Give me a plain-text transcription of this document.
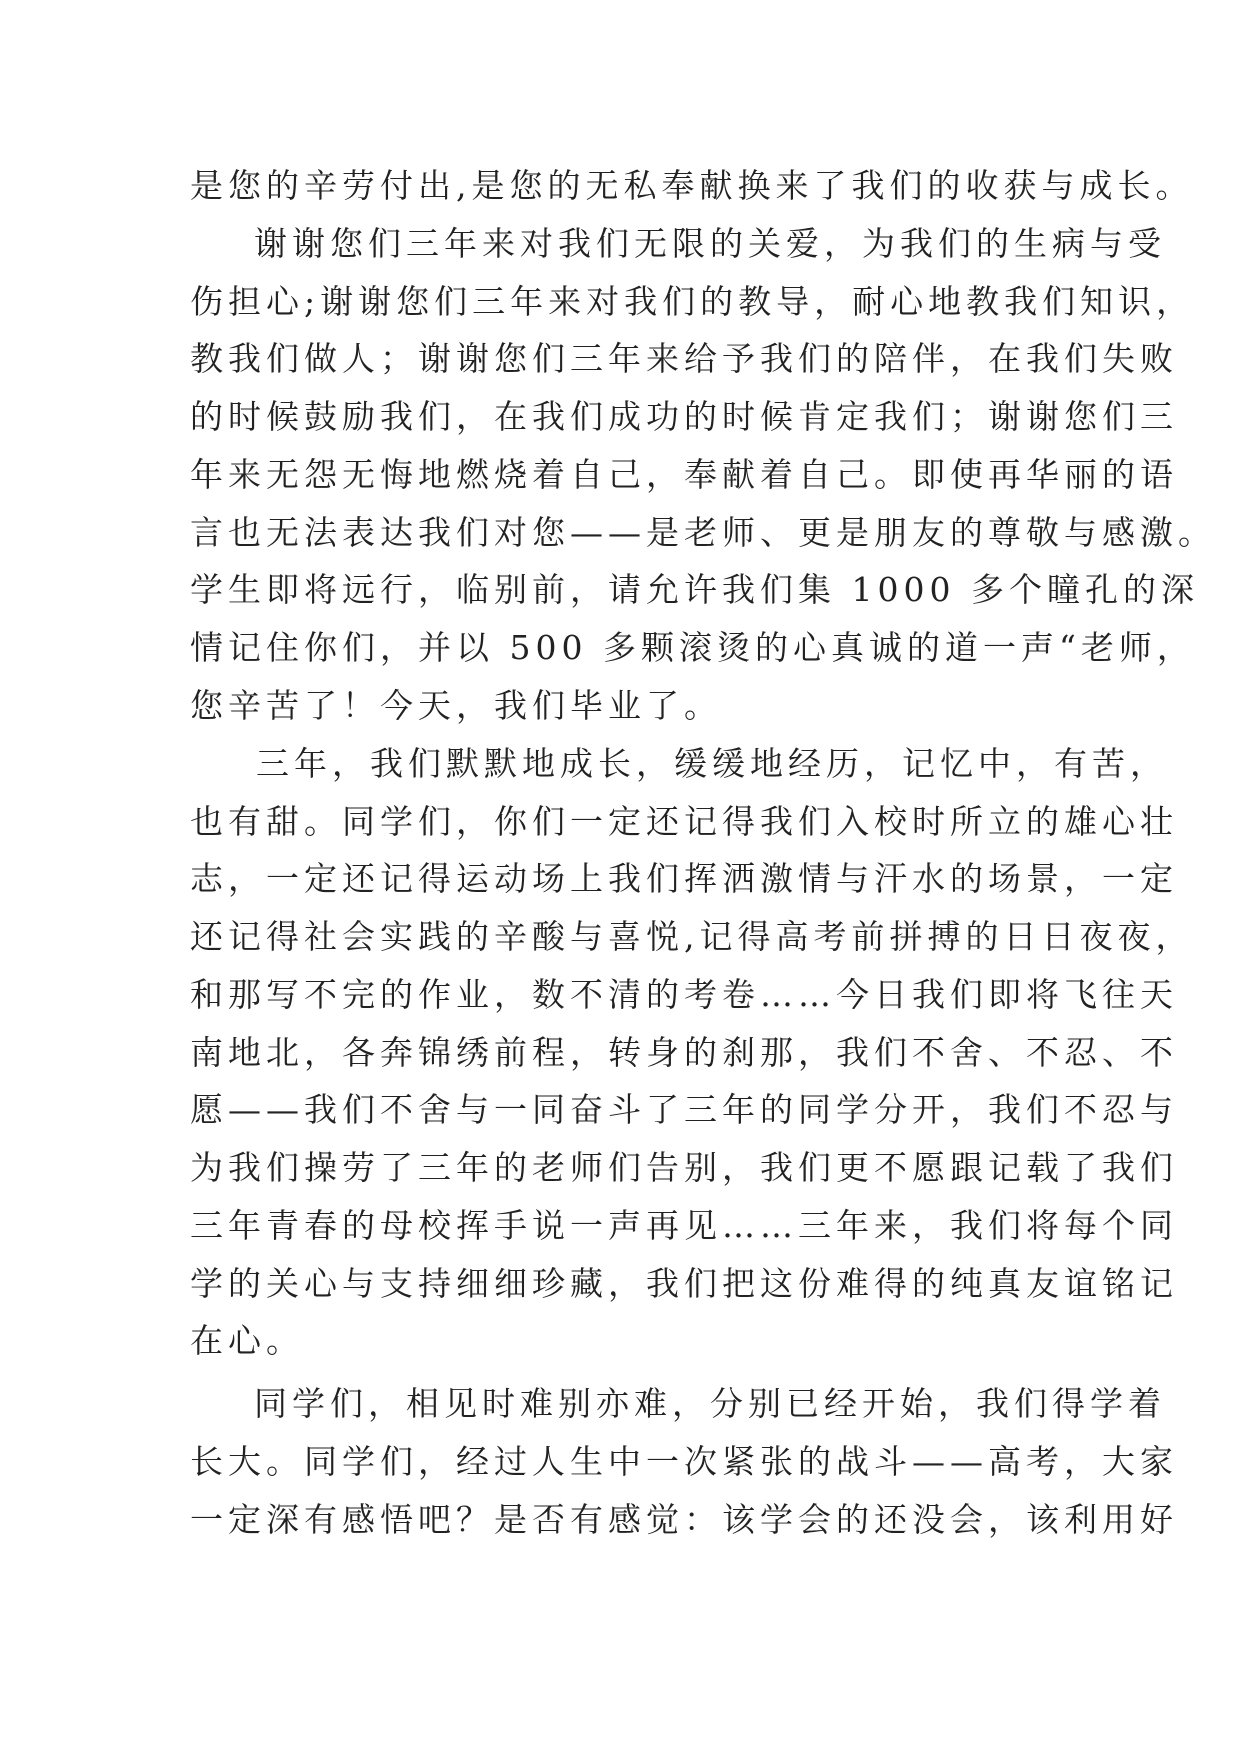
是您的辛劳付出,是您的无私奉献换来了我们的收获与成长。
谢谢您们三年来对我们无限的关爱，为我们的生病与受
伤担心;谢谢您们三年来对我们的教导，耐心地教我们知识，
教我们做人；谢谢您们三年来给予我们的陪伴，在我们失败
的时候鼓励我们，在我们成功的时候肯定我们；谢谢您们三
年来无怨无悔地燃烧着自己，奉献着自己。即使再华丽的语
言也无法表达我们对您——是老师、更是朋友的尊敬与感激。
学生即将远行，临别前，请允许我们集 1000 多个瞳孔的深
情记住你们，并以 500 多颗滚烫的心真诚的道一声“老师，
您辛苦了！今天，我们毕业了。
三年，我们默默地成长，缓缓地经历，记忆中，有苦，
也有甜。同学们，你们一定还记得我们入校时所立的雄心壮
志，一定还记得运动场上我们挥洒激情与汗水的场景，一定
还记得社会实践的辛酸与喜悦,记得高考前拼搏的日日夜夜，
和那写不完的作业，数不清的考卷……今日我们即将飞往天
南地北，各奔锦绣前程，转身的刹那，我们不舍、不忍、不
愿——我们不舍与一同奋斗了三年的同学分开，我们不忍与
为我们操劳了三年的老师们告别，我们更不愿跟记载了我们
三年青春的母校挥手说一声再见……三年来，我们将每个同
学的关心与支持细细珍藏，我们把这份难得的纯真友谊铭记
在心。
同学们，相见时难别亦难，分别已经开始，我们得学着
长大。同学们，经过人生中一次紧张的战斗——高考，大家
一定深有感悟吧？是否有感觉：该学会的还没会，该利用好
